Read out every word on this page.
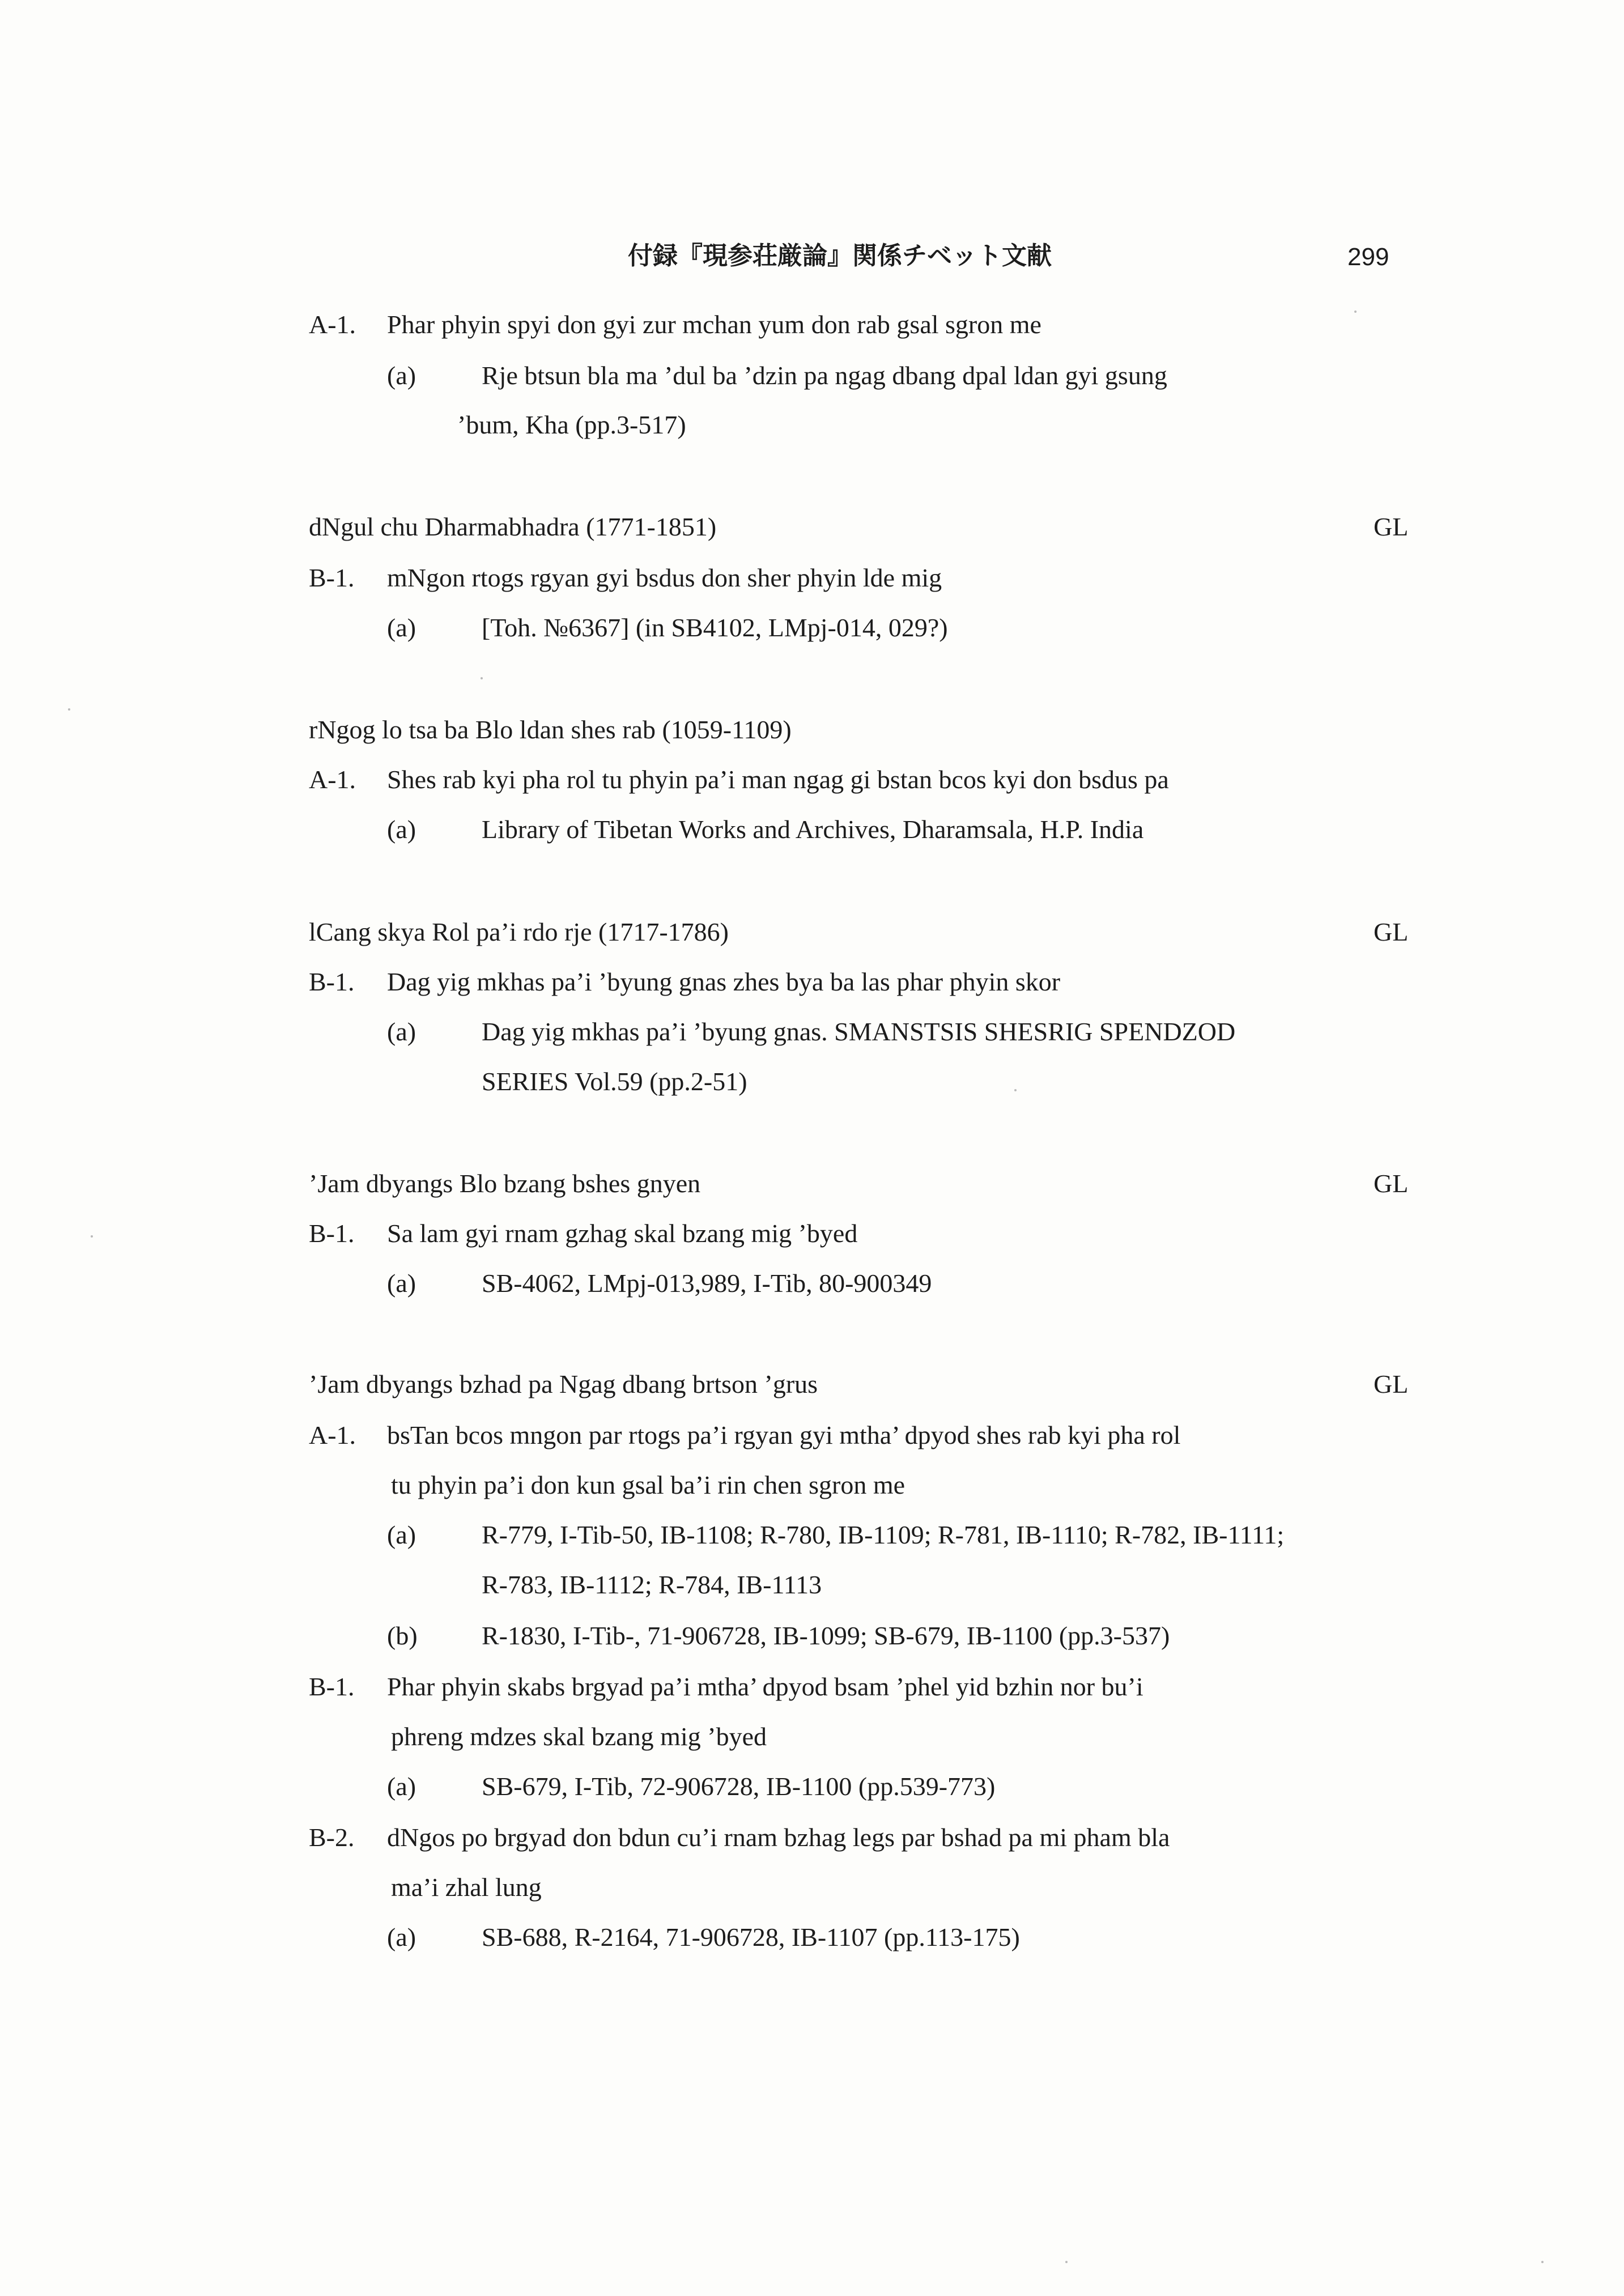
付録『現参荘厳論』関係チベット文献	299
A-1. Phar phyin spyi don gyi zur mchan yum don rab gsal sgron me
(a)	Rje btsun bla ma ’dul ba ’dzin pa ngag dbang dpal ldan gyi gsung
’bum, Kha (pp.3-517)
dNgul chu Dharmabhadra (1771-1851)	GL
B-1. mNgon rtogs rgyan gyi bsdus don sher phyin lde mig
(a)	[Toh. №6367] (in SB4102, LMpj-014, 029?)
rNgog lo tsa ba Blo ldan shes rab (1059-1109)
A-1. Shes rab kyi pha rol tu phyin pa’i man ngag gi bstan bcos kyi don bsdus pa
(a)	Library of Tibetan Works and Archives, Dharamsala, H.P. India
lCang skya Rol pa’i rdo rje (1717-1786)	GL
B-1. Dag yig mkhas pa’i ’byung gnas zhes bya ba las phar phyin skor
(a)	Dag yig mkhas pa’i ’byung gnas. SMANSTSIS SHESRIG SPENDZOD
SERIES Vol.59 (pp.2-51)
’Jam dbyangs Blo bzang bshes gnyen	GL
B-1. Sa lam gyi rnam gzhag skal bzang mig ’byed
(a)	SB-4062, LMpj-013,989, I-Tib, 80-900349
’Jam dbyangs bzhad pa Ngag dbang brtson ’grus	GL
A-1. bsTan bcos mngon par rtogs pa’i rgyan gyi mtha’ dpyod shes rab kyi pha rol
tu phyin pa’i don kun gsal ba’i rin chen sgron me
(a)	R-779, I-Tib-50, IB-1108; R-780, IB-1109; R-781, IB-1110; R-782, IB-1111;
R-783, IB-1112; R-784, IB-1113
(b) R-1830, I-Tib-, 71-906728, IB-1099; SB-679, IB-1100 (pp.3-537)
B-1. Phar phyin skabs brgyad pa’i mtha’ dpyod bsam ’phel yid bzhin nor bu’i
phreng mdzes skal bzang mig ’byed
(a)	SB-679, I-Tib, 72-906728, IB-1100 (pp.539-773)
B-2. dNgos po brgyad don bdun cu’i rnam bzhag legs par bshad pa mi pham bla
ma’i zhal lung
(a)	SB-688, R-2164, 71-906728, IB-1107 (pp.113-175)
